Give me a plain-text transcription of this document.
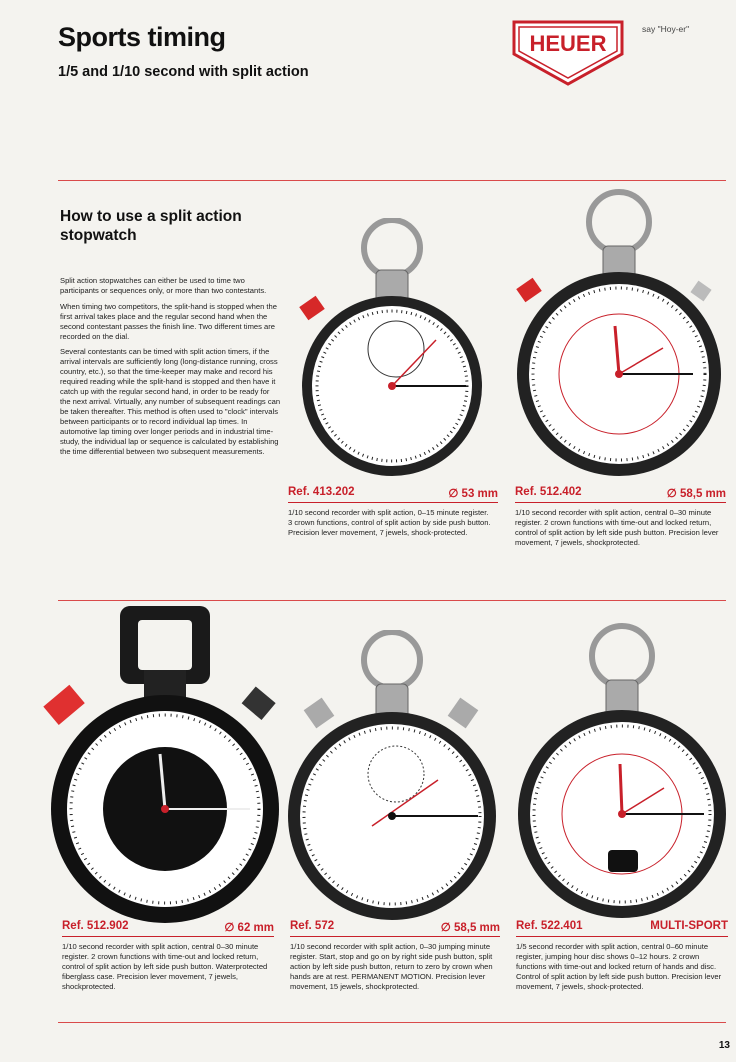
Sports timing
1/5 and 1/10 second with split action
HEUER
say "Hoy-er"
How to use a split action stopwatch

Split action stopwatches can either be used to time two participants or sequences only, or more than two contestants.

When timing two competitors, the split-hand is stopped when the first arrival takes place and the regular second hand when the second contestant passes the finish line. Two different times are recorded on the dial.

Several contestants can be timed with split action timers, if the arrival intervals are sufficiently long (long-distance running, cross country, etc.), so that the time-keeper may make and record his required reading while the split-hand is stopped and then have it catch up with the regular second hand, in order to be ready for the next arrival. Virtually, any number of subsequent readings can be taken thereafter. This method is often used to "clock" intervals between participants or to record individual lap times. In automotive lap timing over longer periods and in industrial time-study, the individual lap or sequence is calculated by establishing the time differential between two subsequent measurements.

Ref. 413.202	∅ 53 mm
1/10 second recorder with split action, 0–15 minute register. 3 crown functions, control of split action by side push button. Precision lever movement, 7 jewels, shock-protected.
Ref. 512.402	∅ 58,5 mm
1/10 second recorder with split action, central 0–30 minute register. 2 crown functions with time-out and locked return, control of split action by left side push button. Precision lever movement, 7 jewels, shockprotected.
Ref. 512.902	∅ 62 mm
1/10 second recorder with split action, central 0–30 minute register. 2 crown functions with time-out and locked return, control of split action by left side push button. Waterprotected fiberglass case. Precision lever movement, 7 jewels, shockprotected.
Ref. 572	∅ 58,5 mm
1/10 second recorder with split action, 0–30 jumping minute register. Start, stop and go on by right side push button, split action by left side push button, return to zero by crown when hands are at rest. PERMANENT MOTION. Precision lever movement, 15 jewels, shockprotected.
Ref. 522.401	MULTI-SPORT
1/5 second recorder with split action, central 0–60 minute register, jumping hour disc shows 0–12 hours. 2 crown functions with time-out and locked return of hands and disc. Control of split action by left side push button. Precision lever movement, 7 jewels, shock-protected.
13
